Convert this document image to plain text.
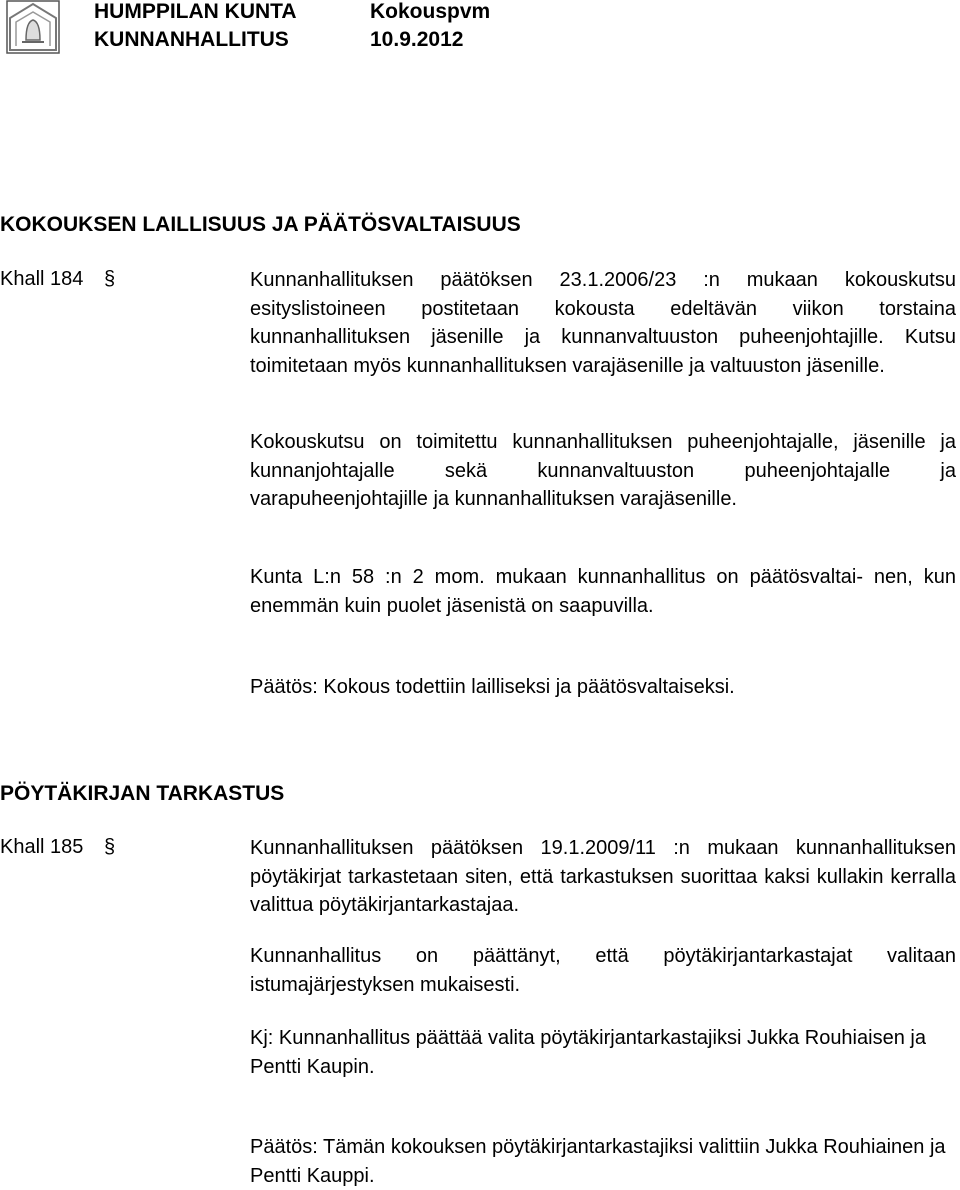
HUMPPILAN KUNTA
KUNNANHALLITUS
Kokouspvm
10.9.2012
KOKOUKSEN LAILLISUUS JA PÄÄTÖSVALTAISUUS
Khall 184 §	Kunnanhallituksen päätöksen 23.1.2006/23 :n mukaan kokouskutsu esityslistoineen postitetaan kokousta edeltävän viikon torstaina kunnanhallituksen jäsenille ja kunnanvaltuuston puheenjohtajille. Kutsu toimitetaan myös kunnanhallituksen varajäsenille ja valtuuston jäsenille.

Kokouskutsu on toimitettu kunnanhallituksen puheenjohtajalle, jäsenille ja kunnanjohtajalle sekä kunnanvaltuuston puheenjohtajalle ja varapuheenjohtajille ja kunnanhallituksen varajäsenille.

Kunta L:n 58 :n 2 mom. mukaan kunnanhallitus on päätösvaltai- nen, kun enemmän kuin puolet jäsenistä on saapuvilla.

Päätös: Kokous todettiin lailliseksi ja päätösvaltaiseksi.

PÖYTÄKIRJAN TARKASTUS
Khall 185 §	Kunnanhallituksen päätöksen 19.1.2009/11 :n mukaan kunnanhallituksen pöytäkirjat tarkastetaan siten, että tarkastuksen suorittaa kaksi kullakin kerralla valittua pöytäkirjantarkastajaa.

Kunnanhallitus on päättänyt, että pöytäkirjantarkastajat valitaan istumajärjestyksen mukaisesti.

Kj: Kunnanhallitus päättää valita pöytäkirjantarkastajiksi Jukka Rouhiaisen ja Pentti Kaupin.

Päätös: Tämän kokouksen pöytäkirjantarkastajiksi valittiin Jukka Rouhiainen ja Pentti Kauppi.
